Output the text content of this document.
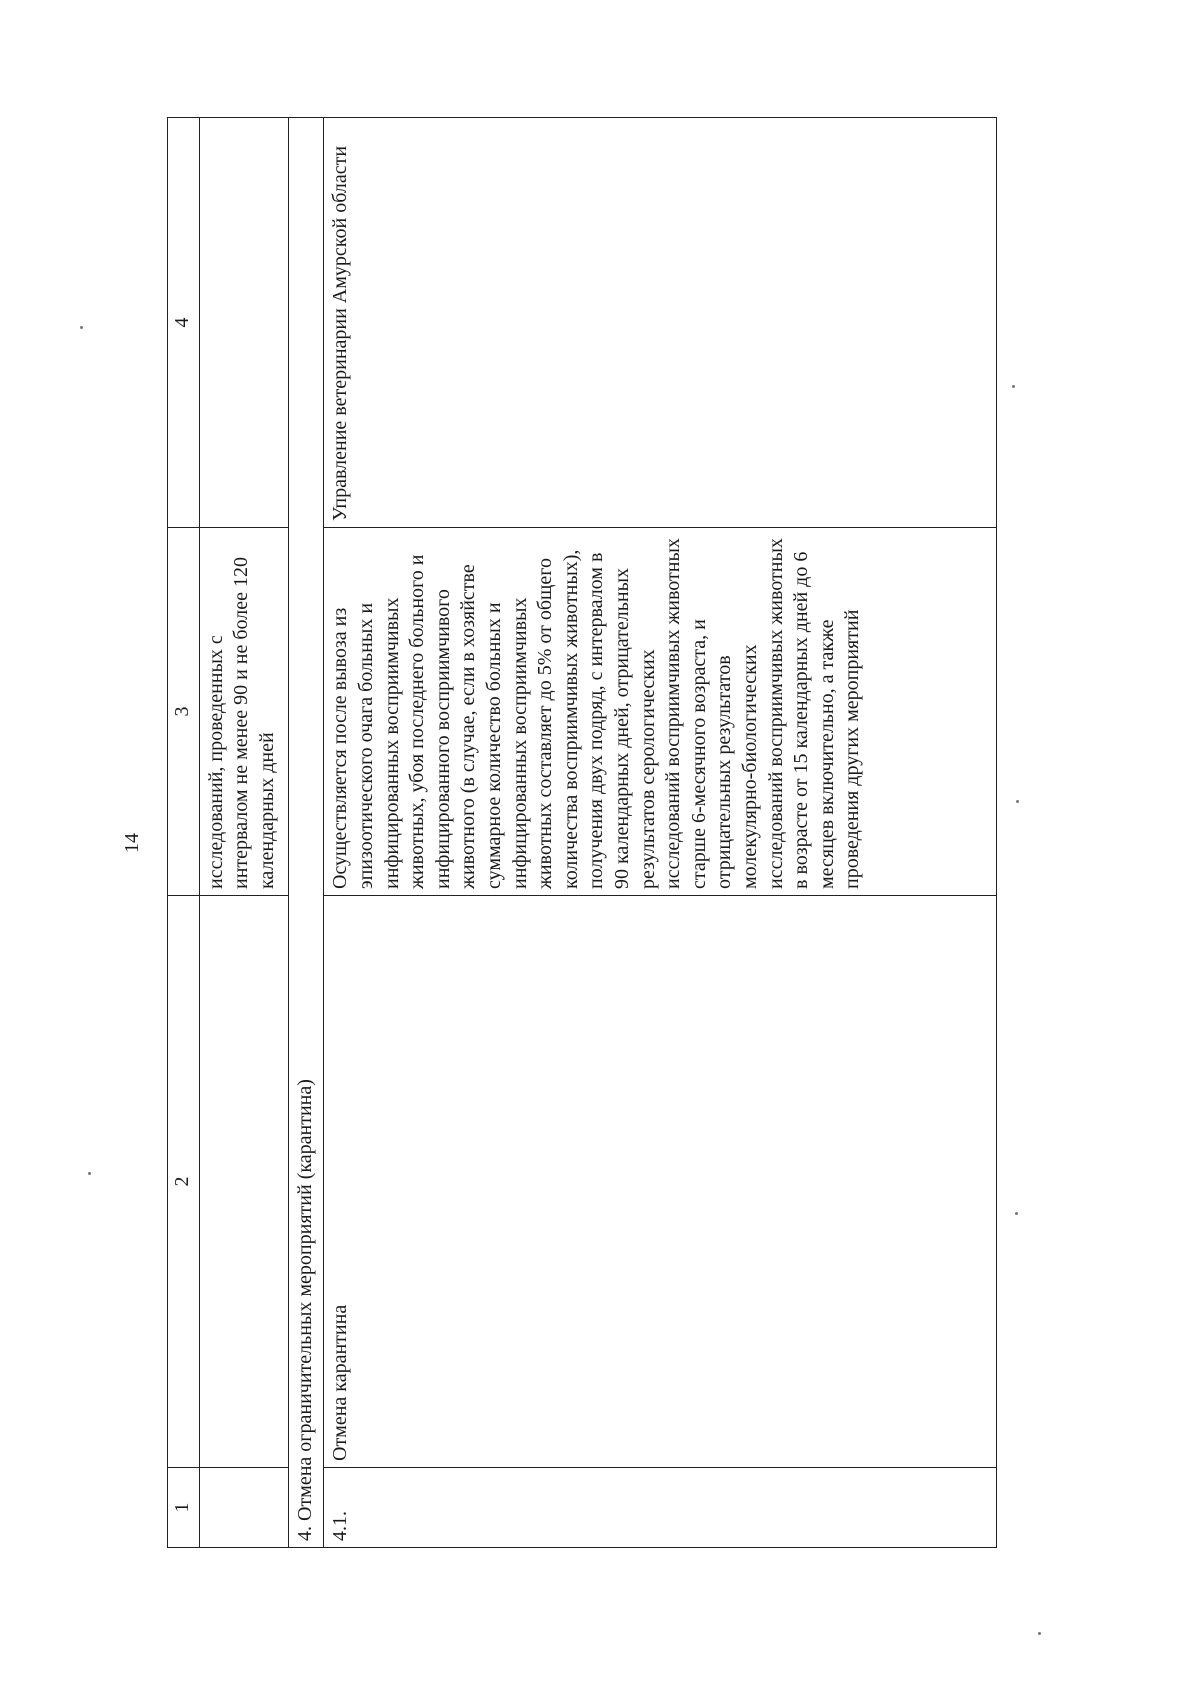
14
1	2	3	4
		исследований, проведенных с интервалом не менее 90 и не более 120 календарных дней	
4. Отмена ограничительных мероприятий (карантина)			
4.1.	Отмена карантина	Осуществляется после вывоза из эпизоотического очага больных и инфицированных восприимчивых животных, убоя последнего больного и инфицированного восприимчивого животного (в случае, если в хозяйстве суммарное количество больных и инфицированных восприимчивых животных составляет до 5% от общего количества восприимчивых животных), получения двух подряд, с интервалом в 90 календарных дней, отрицательных результатов серологических исследований восприимчивых животных старше 6-месячного возраста, и отрицательных результатов молекулярно-биологических исследований восприимчивых животных в возрасте от 15 календарных дней до 6 месяцев включительно, а также проведения других мероприятий	Управление ветеринарии Амурской области
